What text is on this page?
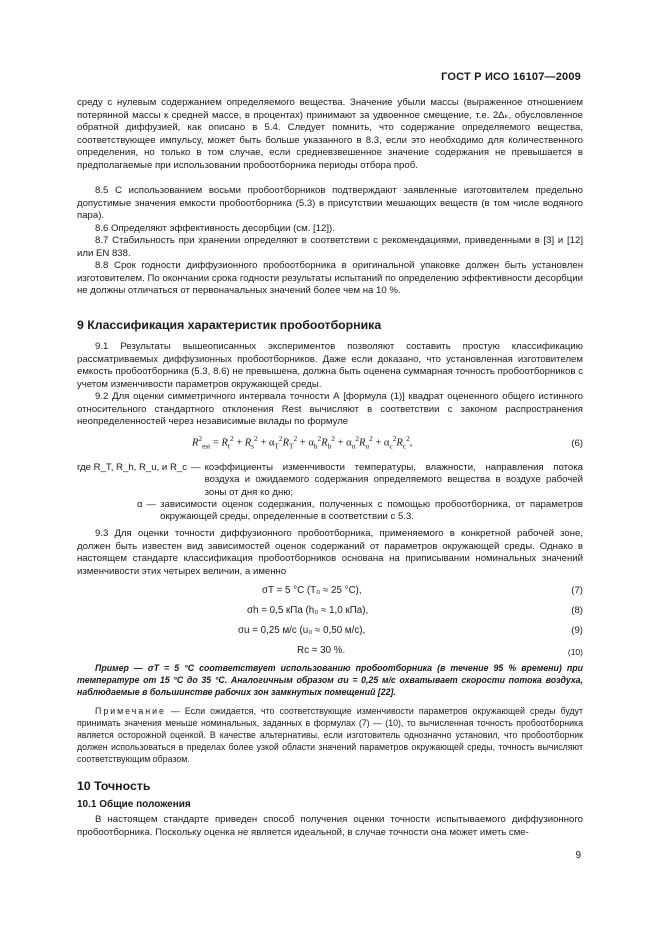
ГОСТ Р ИСО 16107—2009

среду с нулевым содержанием определяемого вещества. Значение убыли массы (выраженное отношением потерянной массы к средней массе, в процентах) принимают за удвоенное смещение, т.е. 2Δₖ, обусловленное обратной диффузией, как описано в 5.4. Следует помнить, что содержание определяемого вещества, соответствующее импульсу, может быть больше указанного в 8.3, если это необходимо для количественного определения, но только в том случае, если средневзвешенное значение содержания не превышается в предполагаемые при использовании пробоотборника периоды отбора проб.

8.5 С использованием восьми пробоотборников подтверждают заявленные изготовителем предельно допустимые значения емкости пробоотборника (5.3) в присутствии мешающих веществ (в том числе водяного пара).

8.6 Определяют эффективность десорбции (см. [12]).

8.7 Стабильность при хранении определяют в соответствии с рекомендациями, приведенными в [3] и [12] или EN 838.

8.8 Срок годности диффузионного пробоотборника в оригинальной упаковке должен быть установлен изготовителем. По окончании срока годности результаты испытаний по определению эффективности десорбции не должны отличаться от первоначальных значений более чем на 10 %.

9 Классификация характеристик пробоотборника

9.1 Результаты вышеописанных экспериментов позволяют составить простую классификацию рассматриваемых диффузионных пробоотборников. Даже если доказано, что установленная изготовителем емкость пробоотборника (5.3, 8.6) не превышена, должна быть оценена суммарная точность пробоотборников с учетом изменчивости параметров окружающей среды.

9.2 Для оценки симметричного интервала точности А [формула (1)] квадрат оцененного общего истинного относительного стандартного отклонения Rest вычисляют в соответствии с законом распространения неопределенностей через независимые вклады по формуле

$R^2_{est} = R_t^2 + R_s^2 + \alpha_T^2R_T^2 + \alpha_h^2R_h^2 + \alpha_u^2R_u^2 + \alpha_c^2R_c^2$,	(6)
где R_T, R_h, R_u, и R_c — коэффициенты изменчивости температуры, влажности, направления потока воздуха и ожидаемого содержания определяемого вещества в воздухе рабочей зоны от дня ко дню;
α — зависимости оценок содержания, полученных с помощью пробоотборника, от параметров окружающей среды, определенные в соответствии с 5.3.

9.3 Для оценки точности диффузионного пробоотборника, применяемого в конкретной рабочей зоне, должен быть известен вид зависимостей оценок содержаний от параметров окружающей среды. Однако в настоящем стандарте классификация пробоотборников основана на приписывании номинальных значений изменчивости этих четырех величин, а именно

σT = 5 °C (T₀ ≈ 25 °C),	(7)
σh = 0,5 кПа (h₀ ≈ 1,0 кПа),	(8)
σu = 0,25 м/с (u₀ ≈ 0,50 м/с),	(9)
Rc = 30 %.	(10)
Пример — σT = 5 °C соответствует использованию пробоотборника (в течение 95 % времени) при температуре от 15 °C до 35 °C. Аналогичным образом σu = 0,25 м/с охватывает скорости потока воздуха, наблюдаемые в большинстве рабочих зон замкнутых помещений [22].
Примечание — Если ожидается, что соответствующие изменчивости параметров окружающей среды будут принимать значения меньше номинальных, заданных в формулах (7) — (10), то вычисленная точность пробоотборника является осторожной оценкой. В качестве альтернативы, если изготовитель однозначно установил, что пробоотборник должен использоваться в пределах более узкой области значений параметров окружающей среды, точность вычисляют соответствующим образом.
10 Точность
10.1 Общие положения

В настоящем стандарте приведен способ получения оценки точности испытываемого диффузионного пробоотборника. Поскольку оценка не является идеальной, в случае точности она может иметь сме-

9
